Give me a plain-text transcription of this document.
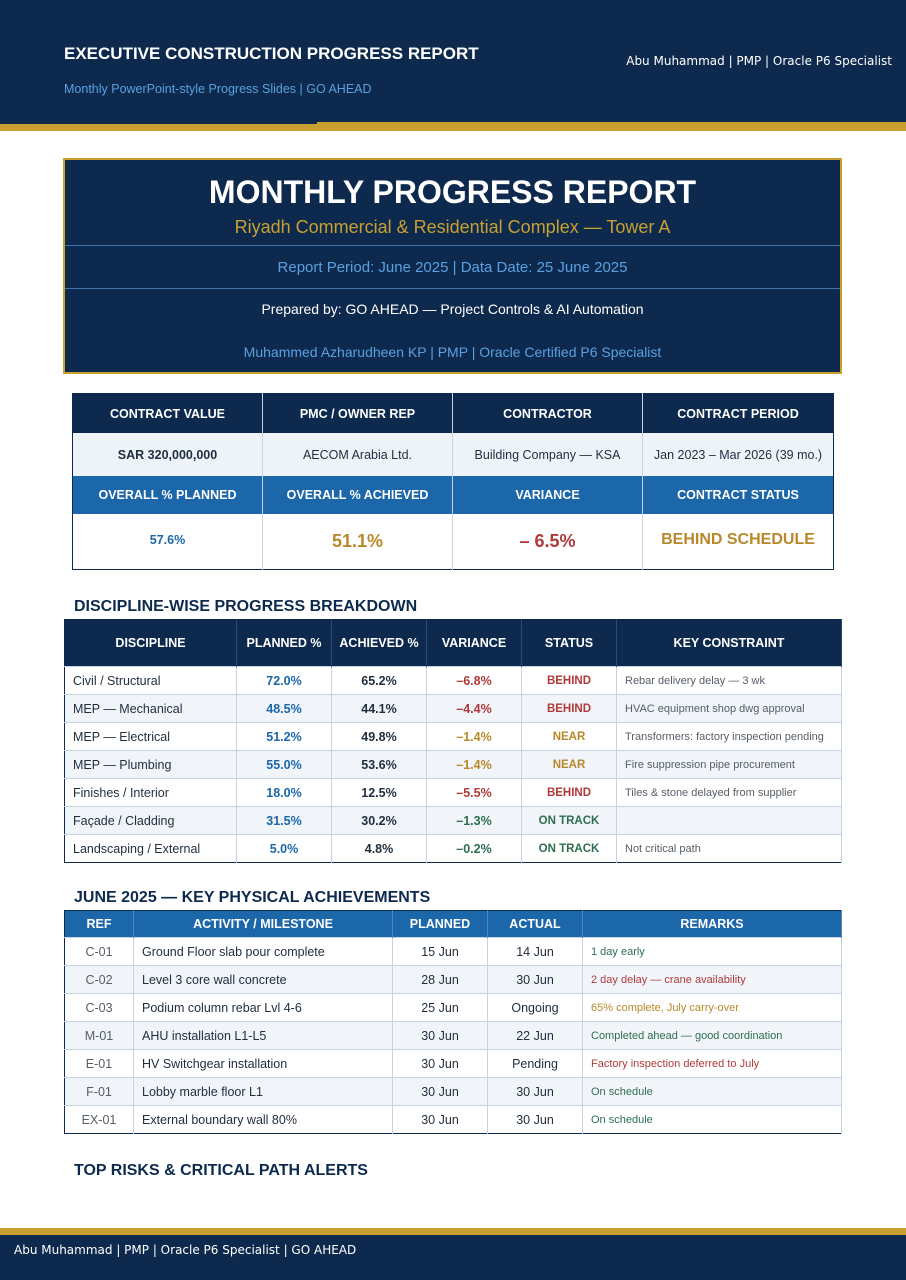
EXECUTIVE CONSTRUCTION PROGRESS REPORT
Monthly PowerPoint-style Progress Slides | GO AHEAD
Abu Muhammad | PMP | Oracle P6 Specialist
MONTHLY PROGRESS REPORT
Riyadh Commercial & Residential Complex — Tower A
Report Period: June 2025 | Data Date: 25 June 2025
Prepared by: GO AHEAD — Project Controls & AI Automation
Muhammed Azharudheen KP | PMP | Oracle Certified P6 Specialist
CONTRACT VALUE	PMC / OWNER REP	CONTRACTOR	CONTRACT PERIOD
SAR 320,000,000	AECOM Arabia Ltd.	Building Company — KSA	Jan 2023 – Mar 2026 (39 mo.)
OVERALL % PLANNED	OVERALL % ACHIEVED	VARIANCE	CONTRACT STATUS
57.6%	51.1%	– 6.5%	BEHIND SCHEDULE
DISCIPLINE-WISE PROGRESS BREAKDOWN
DISCIPLINE	PLANNED %	ACHIEVED %	VARIANCE	STATUS	KEY CONSTRAINT
Civil / Structural	72.0%	65.2%	–6.8%	BEHIND	Rebar delivery delay — 3 wk
MEP — Mechanical	48.5%	44.1%	–4.4%	BEHIND	HVAC equipment shop dwg approval
MEP — Electrical	51.2%	49.8%	–1.4%	NEAR	Transformers: factory inspection pending
MEP — Plumbing	55.0%	53.6%	–1.4%	NEAR	Fire suppression pipe procurement
Finishes / Interior	18.0%	12.5%	–5.5%	BEHIND	Tiles & stone delayed from supplier
Façade / Cladding	31.5%	30.2%	–1.3%	ON TRACK	
Landscaping / External	5.0%	4.8%	–0.2%	ON TRACK	Not critical path
JUNE 2025 — KEY PHYSICAL ACHIEVEMENTS
REF	ACTIVITY / MILESTONE	PLANNED	ACTUAL	REMARKS
C-01	Ground Floor slab pour complete	15 Jun	14 Jun	1 day early
C-02	Level 3 core wall concrete	28 Jun	30 Jun	2 day delay — crane availability
C-03	Podium column rebar Lvl 4-6	25 Jun	Ongoing	65% complete, July carry-over
M-01	AHU installation L1-L5	30 Jun	22 Jun	Completed ahead — good coordination
E-01	HV Switchgear installation	30 Jun	Pending	Factory inspection deferred to July
F-01	Lobby marble floor L1	30 Jun	30 Jun	On schedule
EX-01	External boundary wall 80%	30 Jun	30 Jun	On schedule
TOP RISKS & CRITICAL PATH ALERTS
Abu Muhammad | PMP | Oracle P6 Specialist | GO AHEAD
